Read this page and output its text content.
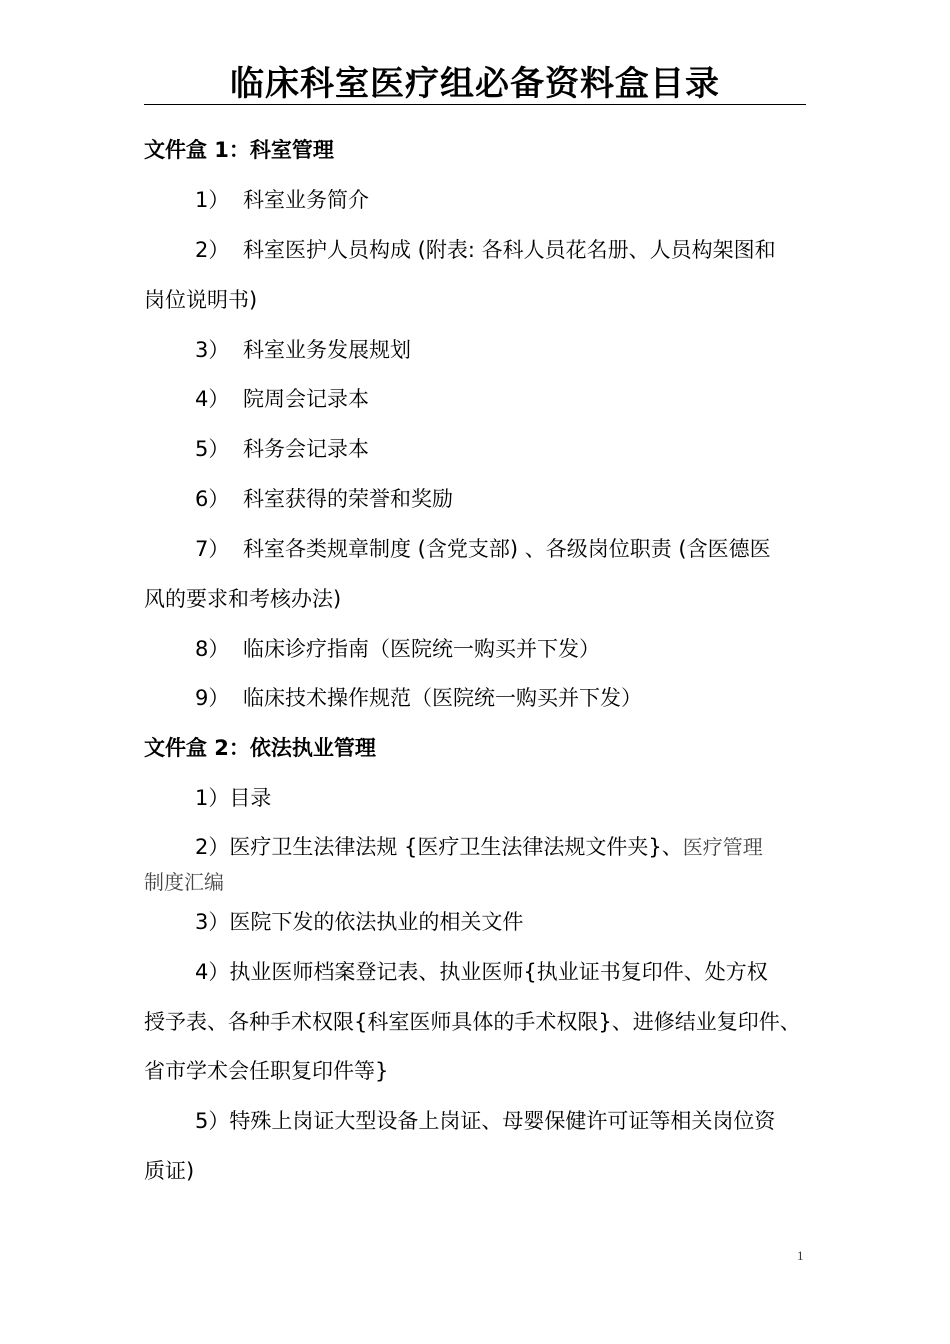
临床科室医疗组必备资料盒目录
文件盒 1：科室管理
1） 科室业务简介
2） 科室医护人员构成 (附表: 各科人员花名册、人员构架图和
岗位说明书)
3） 科室业务发展规划
4） 院周会记录本
5） 科务会记录本
6） 科室获得的荣誉和奖励
7） 科室各类规章制度 (含党支部) 、各级岗位职责 (含医德医
风的要求和考核办法)
8） 临床诊疗指南（医院统一购买并下发）
9） 临床技术操作规范（医院统一购买并下发）
文件盒 2：依法执业管理
1）目录
2）医疗卫生法律法规 {医疗卫生法律法规文件夹}、医疗管理
制度汇编
3）医院下发的依法执业的相关文件
4）执业医师档案登记表、执业医师{执业证书复印件、处方权
授予表、各种手术权限{科室医师具体的手术权限}、进修结业复印件、
省市学术会任职复印件等}
5）特殊上岗证大型设备上岗证、母婴保健许可证等相关岗位资
质证)
1
